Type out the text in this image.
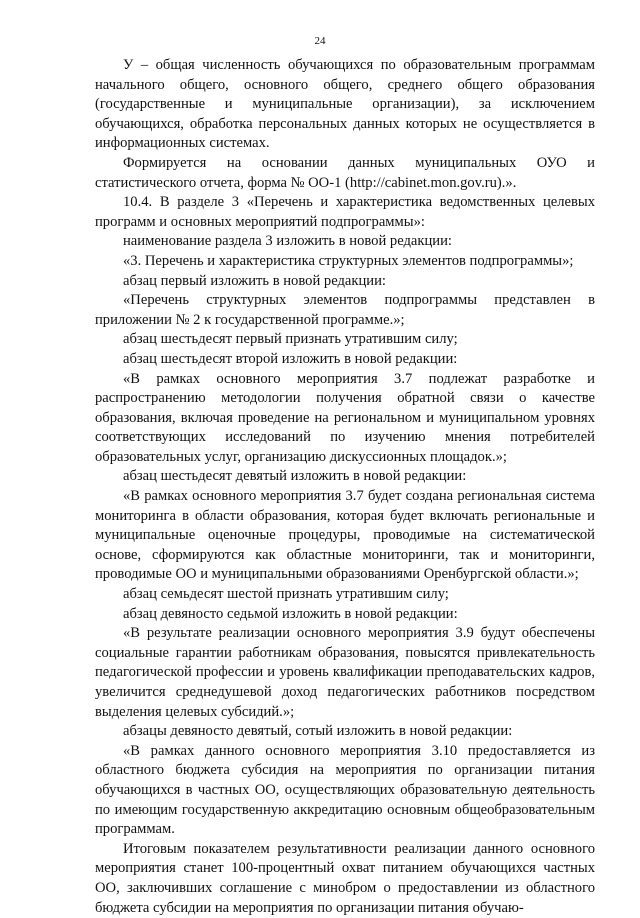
24

У – общая численность обучающихся по образовательным программам начального общего, основного общего, среднего общего образования (государственные и муниципальные организации), за исключением обучающихся, обработка персональных данных которых не осуществляется в информационных системах.

Формируется на основании данных муниципальных ОУО и статистического отчета, форма № ОО-1 (http://cabinet.mon.gov.ru).».

10.4. В разделе 3 «Перечень и характеристика ведомственных целевых программ и основных мероприятий подпрограммы»:

наименование раздела 3 изложить в новой редакции:

«3. Перечень и характеристика структурных элементов подпрограммы»;

абзац первый изложить в новой редакции:

«Перечень структурных элементов подпрограммы представлен в приложении № 2 к государственной программе.»;

абзац шестьдесят первый признать утратившим силу;

абзац шестьдесят второй изложить в новой редакции:

«В рамках основного мероприятия 3.7 подлежат разработке и распространению методологии получения обратной связи о качестве образования, включая проведение на региональном и муниципальном уровнях соответствующих исследований по изучению мнения потребителей образовательных услуг, организацию дискуссионных площадок.»;

абзац шестьдесят девятый изложить в новой редакции:

«В рамках основного мероприятия 3.7 будет создана региональная система мониторинга в области образования, которая будет включать региональные и муниципальные оценочные процедуры, проводимые на систематической основе, сформируются как областные мониторинги, так и мониторинги, проводимые ОО и муниципальными образованиями Оренбургской области.»;

абзац семьдесят шестой признать утратившим силу;

абзац девяносто седьмой изложить в новой редакции:

«В результате реализации основного мероприятия 3.9 будут обеспечены социальные гарантии работникам образования, повысятся привлекательность педагогической профессии и уровень квалификации преподавательских кадров, увеличится среднедушевой доход педагогических работников посредством выделения целевых субсидий.»;

абзацы девяносто девятый, сотый изложить в новой редакции:

«В рамках данного основного мероприятия 3.10 предоставляется из областного бюджета субсидия на мероприятия по организации питания обучающихся в частных ОО, осуществляющих образовательную деятельность по имеющим государственную аккредитацию основным общеобразовательным программам.

Итоговым показателем результативности реализации данного основного мероприятия станет 100-процентный охват питанием обучающихся частных ОО, заключивших соглашение с минобром о предоставлении из областного бюджета субсидии на мероприятия по организации питания обучаю-
